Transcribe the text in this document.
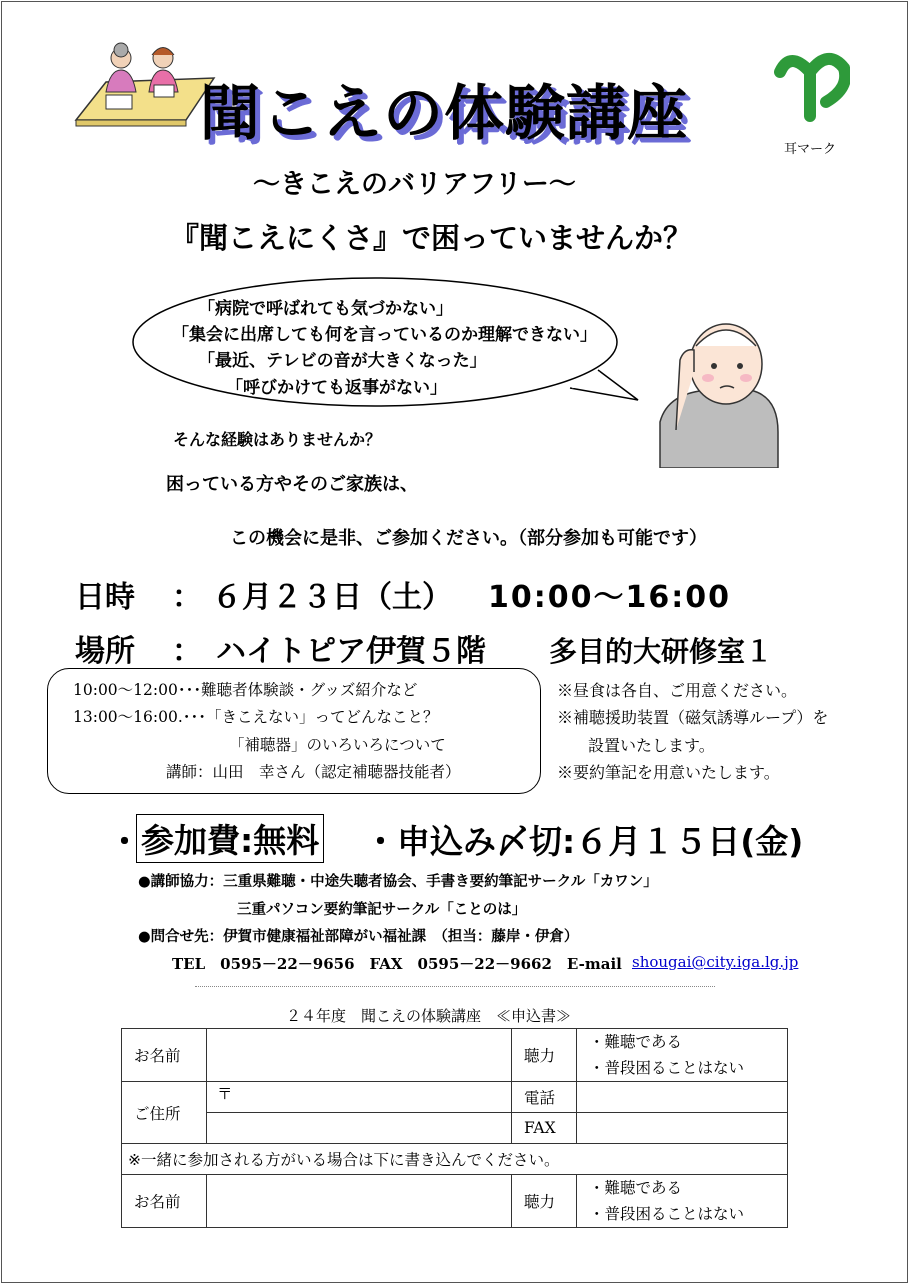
聞こえの体験講座
耳マーク
～きこえのバリアフリー～
『聞こえにくさ』で困っていませんか？
「病院で呼ばれても気づかない」
「集会に出席しても何を言っているのか理解できない」
「最近、テレビの音が大きくなった」
「呼びかけても返事がない」
そんな経験はありませんか？
困っている方やそのご家族は、
この機会に是非、ご参加ください。（部分参加も可能です）
日時 ： ６月２３日（土） 10:00～16:00
場所 ： ハイトピア伊賀５階 多目的大研修室１
10:00～12:00･･･難聴者体験談・グッズ紹介など
13:00～16:00.･･･「きこえない」ってどんなこと？
「補聴器」のいろいろについて
講師：山田　幸さん（認定補聴器技能者）
※昼食は各自、ご用意ください。
※補聴援助装置（磁気誘導ループ）を
設置いたします。
※要約筆記を用意いたします。
・ 参加費:無料 ・申込み〆切:６月１５日(金)
●講師協力：三重県難聴・中途失聴者協会、手書き要約筆記サークル「カワン」
三重パソコン要約筆記サークル「ことのは」
●問合せ先：伊賀市健康福祉部障がい福祉課　（担当：藤岸・伊倉）
TEL　0595－22－9656　FAX　0595－22－9662　E-mail shougai@city.iga.lg.jp
２４年度　聞こえの体験講座　≪申込書≫
お名前		聴力	・難聴である
			・普段困ることはない
ご住所	〒	電話	
		FAX	
※一緒に参加される方がいる場合は下に書き込んでください。			
お名前		聴力	・難聴である
			・普段困ることはない
